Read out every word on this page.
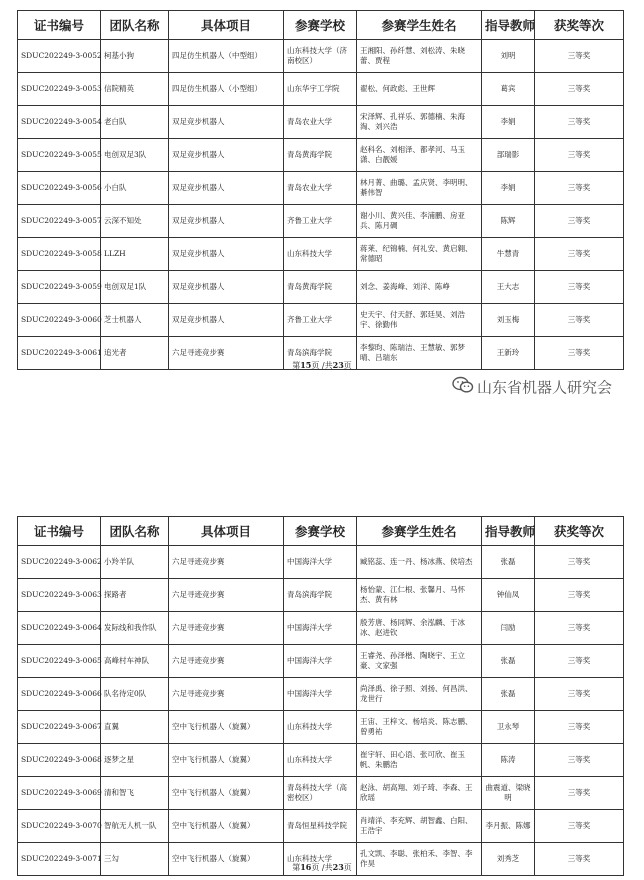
证书编号	团队名称	具体项目	参赛学校	参赛学生姓名	指导教师	获奖等次
SDUC202249-3-0052	柯基小狗	四足仿生机器人（中型组）	山东科技大学（济南校区）	王湘阳、孙纤慧、刘松涛、朱晓蕾、贾程	刘明	三等奖
SDUC202249-3-0053	信院精英	四足仿生机器人（小型组）	山东华宇工学院	翟松、何政彪、王世辉	葛宾	三等奖
SDUC202249-3-0054	老白队	双足竞步机器人	青岛农业大学	宋泽辉、孔祥乐、郭德楠、朱海淘、刘兴浩	李娟	三等奖
SDUC202249-3-0055	电创双足3队	双足竞步机器人	青岛黄海学院	赵科名、刘相泽、都孝河、马玉潇、白靓媛	部瑞影	三等奖
SDUC202249-3-0056	小白队	双足竞步机器人	青岛农业大学	林月菁、曲璐、孟庆贤、李明明、綦伟智	李娟	三等奖
SDUC202249-3-0057	云深不知处	双足竞步机器人	齐鲁工业大学	谢小川、黄兴佳、李浦鹏、房亚兵、陈月碉	陈辉	三等奖
SDUC202249-3-0058	LLZH	双足竞步机器人	山东科技大学	蒋莱、纪锦楠、何礼安、黄启翱、常德昭	牛慧青	三等奖
SDUC202249-3-0059	电创双足1队	双足竞步机器人	青岛黄海学院	刘念、姜海峰、刘洋、陈峥	王大志	三等奖
SDUC202249-3-0060	芝士机器人	双足竞步机器人	齐鲁工业大学	史天宇、付天舒、郭廷昊、刘浩宇、徐勤伟	刘玉梅	三等奖
SDUC202249-3-0061	追光者	六足寻迹竞步赛	青岛滨海学院	李黎昀、陈瑞洁、王慧敏、郭梦晴、吕瑞东	王新玲	三等奖
第15页 /共23页
山东省机器人研究会
证书编号	团队名称	具体项目	参赛学校	参赛学生姓名	指导教师	获奖等次
SDUC202249-3-0062	小羚羊队	六足寻迹竞步赛	中国海洋大学	臧铭蕊、连一丹、杨冰燕、侯培杰	张磊	三等奖
SDUC202249-3-0063	探路者	六足寻迹竞步赛	青岛滨海学院	杨怡蒙、江仁根、张馨月、马怀杰、黄有林	钟仙凤	三等奖
SDUC202249-3-0064	发际线和我作队	六足寻迹竞步赛	中国海洋大学	殷芳唐、杨同辉、余泓麟、于冰冰、赵进钦	闫励	三等奖
SDUC202249-3-0065	高峰村车神队	六足寻迹竞步赛	中国海洋大学	王睿尧、孙泽楷、陶晓宇、王立豪、文家强	张磊	三等奖
SDUC202249-3-0066	队名待定0队	六足寻迹竞步赛	中国海洋大学	尚泽禹、徐子照、刘扬、何昌洪、龙世行	张磊	三等奖
SDUC202249-3-0067	直翼	空中飞行机器人（旋翼）	山东科技大学	王宙、王梓文、杨培炎、陈志鹏、曾勇祐	卫永琴	三等奖
SDUC202249-3-0068	逐梦之星	空中飞行机器人（旋翼）	山东科技大学	崔宇轩、田心语、张可欣、崔玉帆、朱鹏浩	陈涛	三等奖
SDUC202249-3-0069	清和智飞	空中飞行机器人（旋翼）	青岛科技大学（高密校区）	赵泳、胡高翔、刘子琦、李森、王欣瑶	曲震道、梁晓明	三等奖
SDUC202249-3-0070	智航无人机一队	空中飞行机器人（旋翼）	青岛恒星科技学院	肖靖洋、李充辉、胡智鑫、白阳、王浩宇	李月振、陈娜	三等奖
SDUC202249-3-0071	三勾	空中飞行机器人（旋翼）	山东科技大学	孔文凯、李聪、张柏禾、李智、李作昊	刘秀芝	三等奖
第16页 /共23页
